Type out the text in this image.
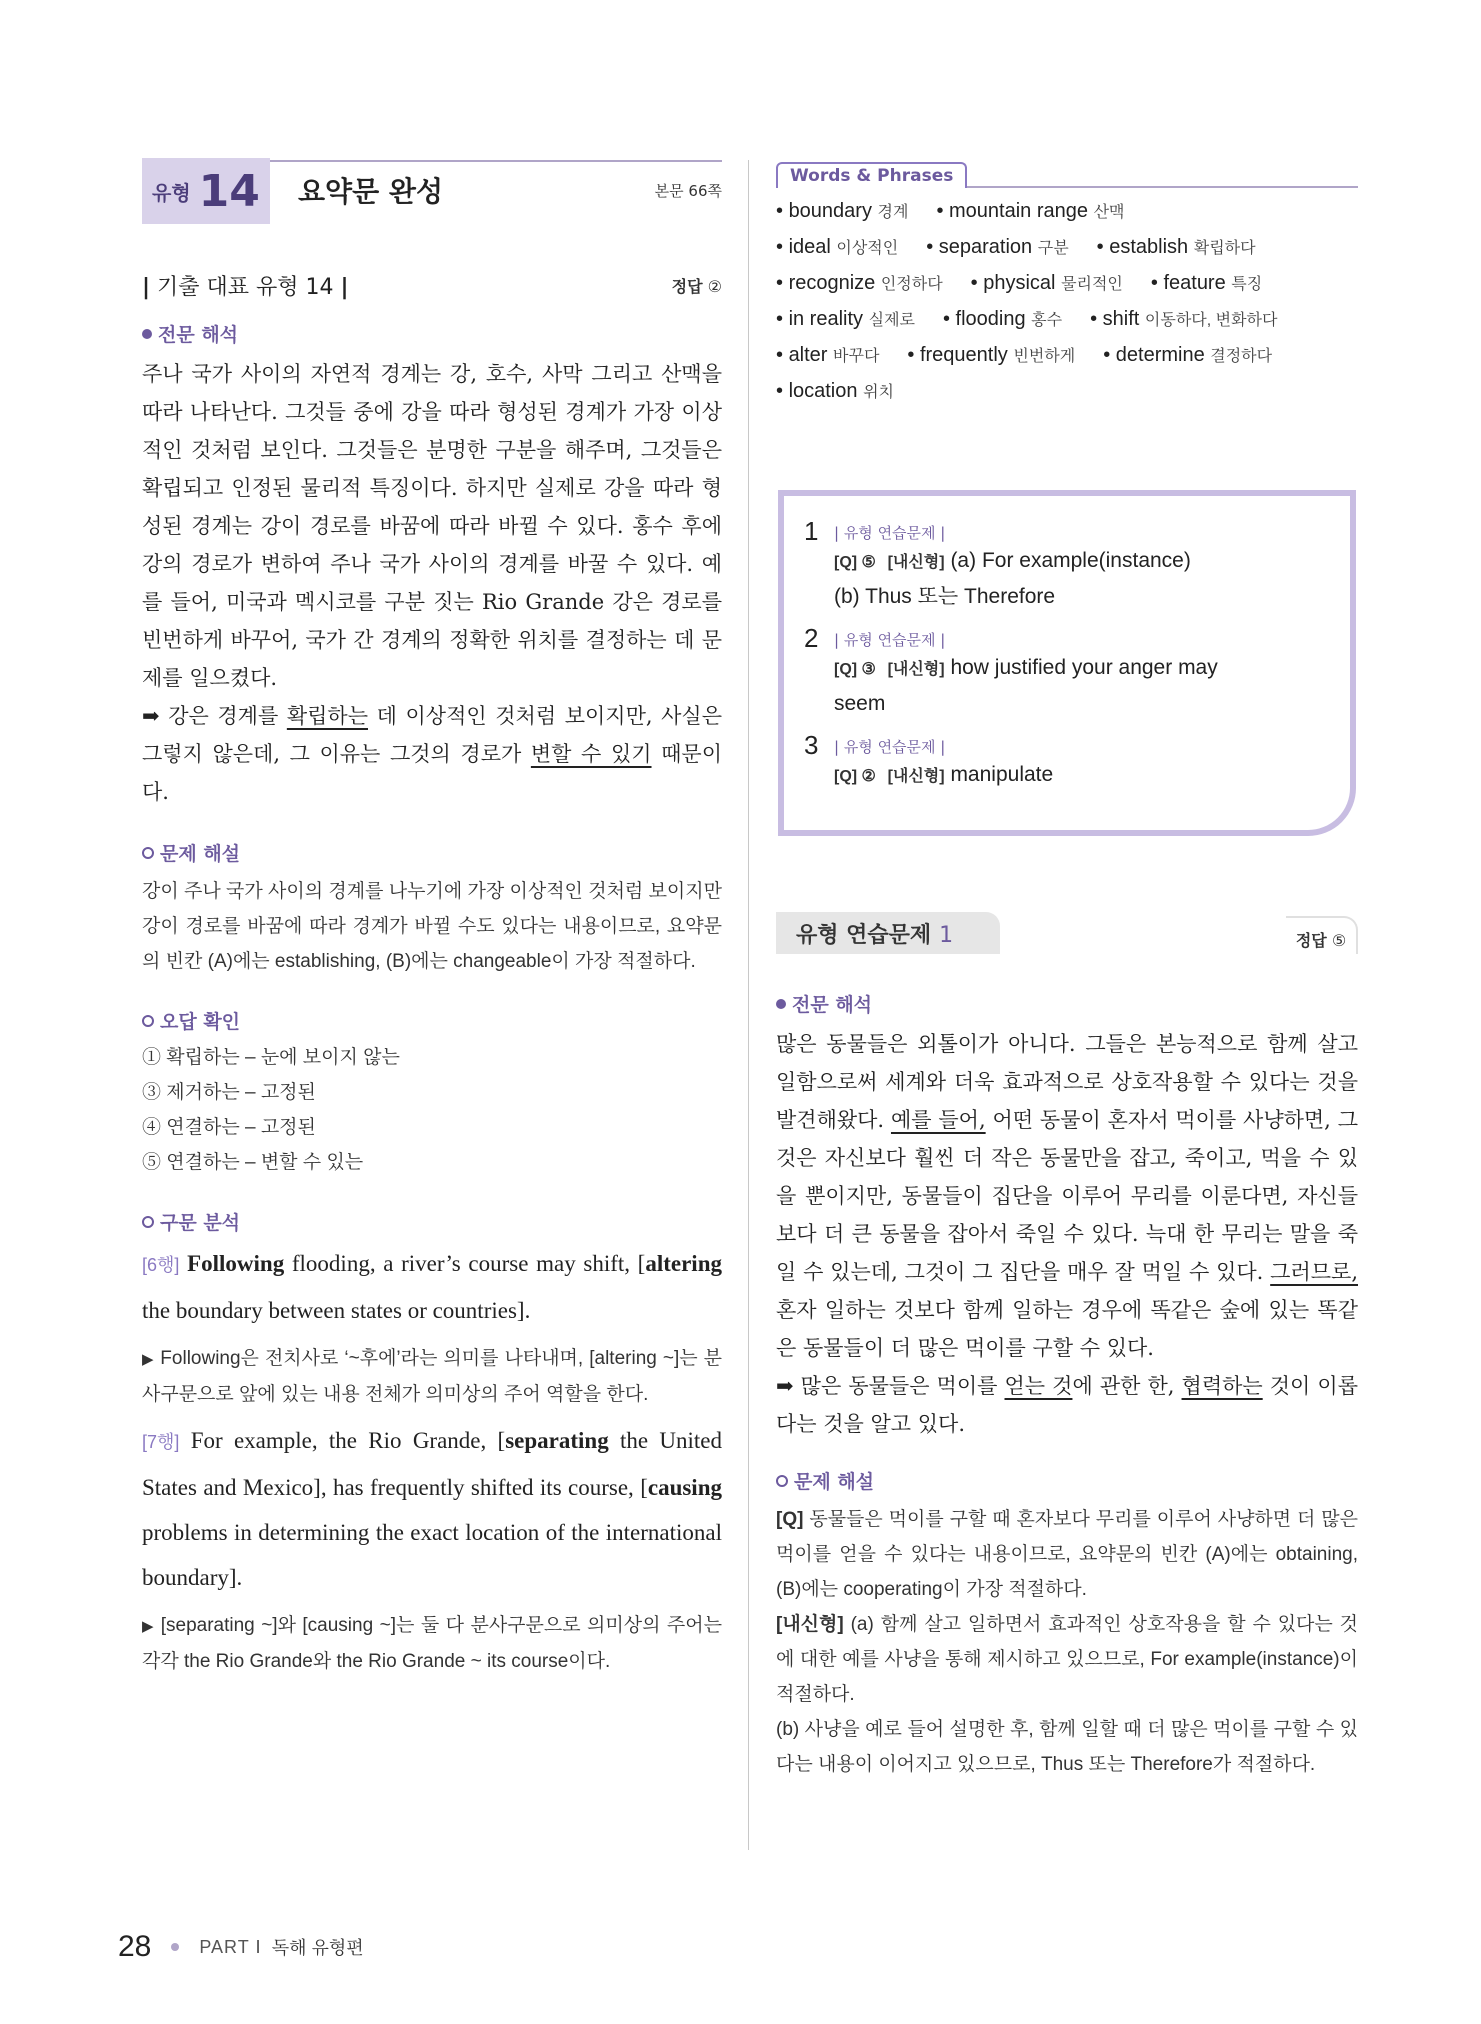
유형 14 요약문 완성	본문 66쪽
| 기출 대표 유형 14 |	정답 ②
전문 해석
주나 국가 사이의 자연적 경계는 강, 호수, 사막 그리고 산맥을 따라 나타난다. 그것들 중에 강을 따라 형성된 경계가 가장 이상적인 것처럼 보인다. 그것들은 분명한 구분을 해주며, 그것들은 확립되고 인정된 물리적 특징이다. 하지만 실제로 강을 따라 형성된 경계는 강이 경로를 바꿈에 따라 바뀔 수 있다. 홍수 후에 강의 경로가 변하여 주나 국가 사이의 경계를 바꿀 수 있다. 예를 들어, 미국과 멕시코를 구분 짓는 Rio Grande 강은 경로를 빈번하게 바꾸어, 국가 간 경계의 정확한 위치를 결정하는 데 문제를 일으켰다.
➡ 강은 경계를 확립하는 데 이상적인 것처럼 보이지만, 사실은 그렇지 않은데, 그 이유는 그것의 경로가 변할 수 있기 때문이다.
문제 해설
강이 주나 국가 사이의 경계를 나누기에 가장 이상적인 것처럼 보이지만 강이 경로를 바꿈에 따라 경계가 바뀔 수도 있다는 내용이므로, 요약문의 빈칸 (A)에는 establishing, (B)에는 changeable이 가장 적절하다.
오답 확인
① 확립하는 – 눈에 보이지 않는
③ 제거하는 – 고정된
④ 연결하는 – 고정된
⑤ 연결하는 – 변할 수 있는
구문 분석
[6행] Following flooding, a river’s course may shift, [altering the boundary between states or countries].
▶ Following은 전치사로 ‘~후에’라는 의미를 나타내며, [altering ~]는 분사구문으로 앞에 있는 내용 전체가 의미상의 주어 역할을 한다.
[7행] For example, the Rio Grande, [separating the United States and Mexico], has frequently shifted its course, [causing problems in determining the exact location of the international boundary].
▶ [separating ~]와 [causing ~]는 둘 다 분사구문으로 의미상의 주어는 각각 the Rio Grande와 the Rio Grande ~ its course이다.
Words & Phrases
• boundary 경계 • mountain range 산맥
• ideal 이상적인 • separation 구분 • establish 확립하다
• recognize 인정하다 • physical 물리적인 • feature 특징
• in reality 실제로 • flooding 홍수 • shift 이동하다, 변화하다
• alter 바꾸다 • frequently 빈번하게 • determine 결정하다
• location 위치
1	| 유형 연습문제 |
[Q] ⑤ [내신형] (a) For example(instance)
(b) Thus 또는 Therefore
2	| 유형 연습문제 |
[Q] ③ [내신형] how justified your anger may
seem
3	| 유형 연습문제 |
[Q] ② [내신형] manipulate
유형 연습문제 1	정답 ⑤
전문 해석
많은 동물들은 외톨이가 아니다. 그들은 본능적으로 함께 살고 일함으로써 세계와 더욱 효과적으로 상호작용할 수 있다는 것을 발견해왔다. 예를 들어, 어떤 동물이 혼자서 먹이를 사냥하면, 그것은 자신보다 훨씬 더 작은 동물만을 잡고, 죽이고, 먹을 수 있을 뿐이지만, 동물들이 집단을 이루어 무리를 이룬다면, 자신들보다 더 큰 동물을 잡아서 죽일 수 있다. 늑대 한 무리는 말을 죽일 수 있는데, 그것이 그 집단을 매우 잘 먹일 수 있다. 그러므로, 혼자 일하는 것보다 함께 일하는 경우에 똑같은 숲에 있는 똑같은 동물들이 더 많은 먹이를 구할 수 있다.
➡ 많은 동물들은 먹이를 얻는 것에 관한 한, 협력하는 것이 이롭다는 것을 알고 있다.
문제 해설
[Q] 동물들은 먹이를 구할 때 혼자보다 무리를 이루어 사냥하면 더 많은 먹이를 얻을 수 있다는 내용이므로, 요약문의 빈칸 (A)에는 obtaining, (B)에는 cooperating이 가장 적절하다.
[내신형] (a) 함께 살고 일하면서 효과적인 상호작용을 할 수 있다는 것에 대한 예를 사냥을 통해 제시하고 있으므로, For example(instance)이 적절하다.
(b) 사냥을 예로 들어 설명한 후, 함께 일할 때 더 많은 먹이를 구할 수 있다는 내용이 이어지고 있으므로, Thus 또는 Therefore가 적절하다.
28	PART Ⅰ 독해 유형편
